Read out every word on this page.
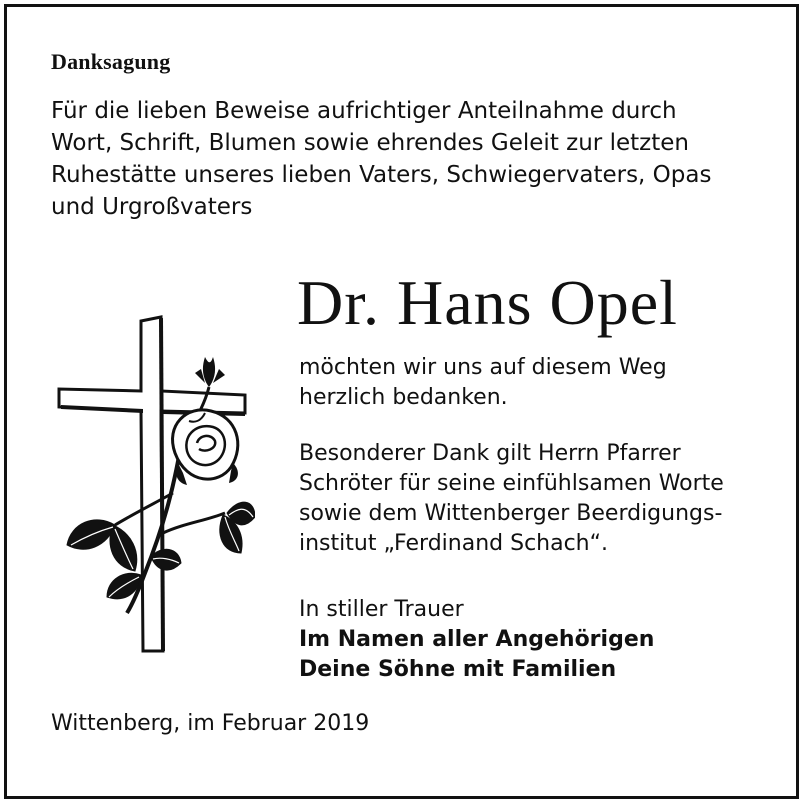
Danksagung

Für die lieben Beweise aufrichtiger Anteilnahme durch
Wort, Schrift, Blumen sowie ehrendes Geleit zur letzten
Ruhestätte unseres lieben Vaters, Schwiegervaters, Opas
und Urgroßvaters

Dr. Hans Opel

möchten wir uns auf diesem Weg
herzlich bedanken.

Besonderer Dank gilt Herrn Pfarrer
Schröter für seine einfühlsamen Worte
sowie dem Wittenberger Beerdigungs-
institut „Ferdinand Schach“.

In stiller Trauer
Im Namen aller Angehörigen
Deine Söhne mit Familien

Wittenberg, im Februar 2019
